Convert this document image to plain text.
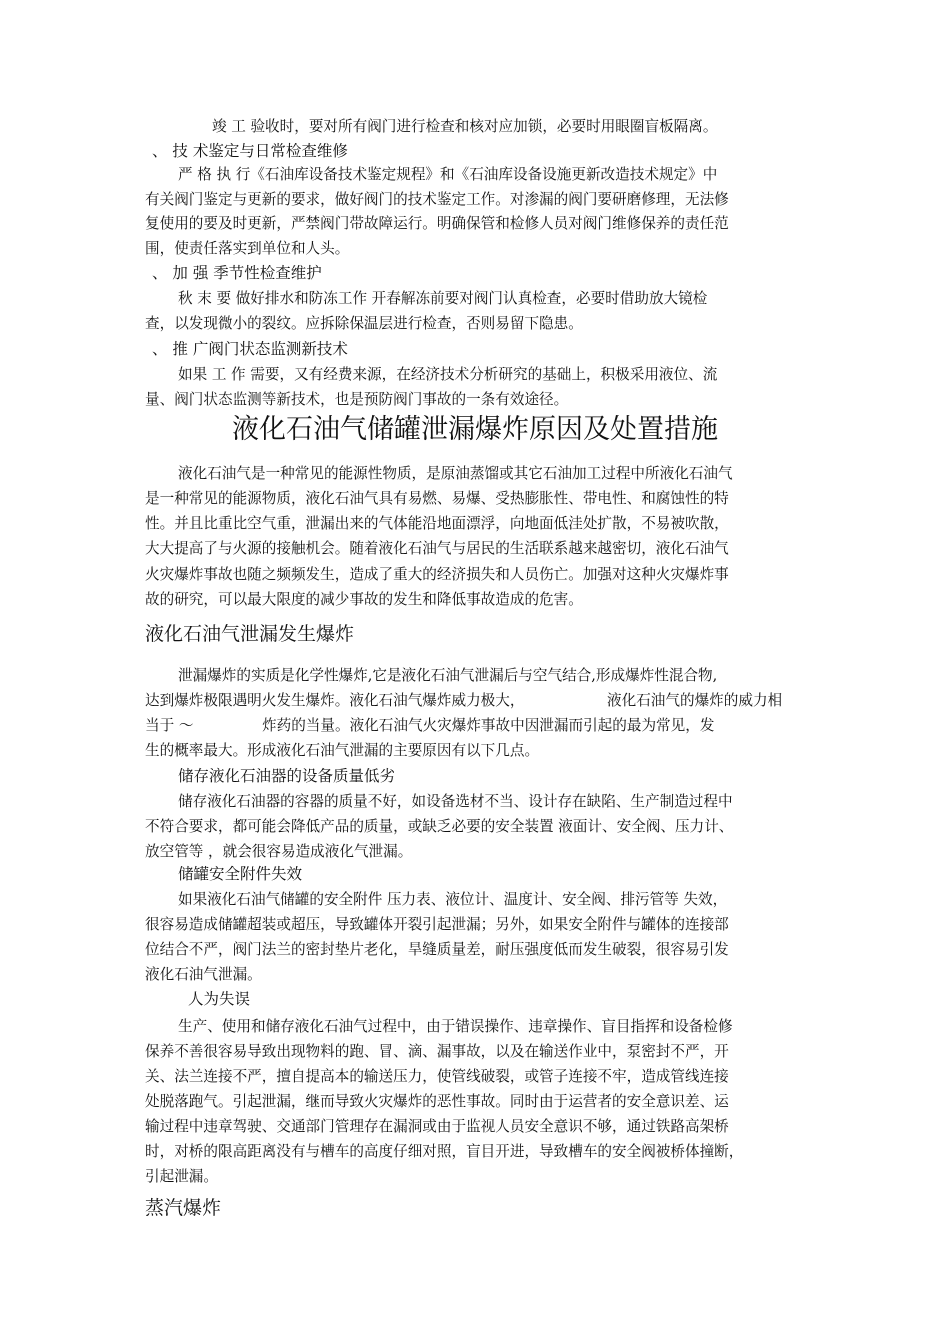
竣 工 验收时，要对所有阀门进行检查和核对应加锁，必要时用眼圈盲板隔离。
、 技 术鉴定与日常检查维修
严 格 执 行《石油库设备技术鉴定规程》和《石油库设备设施更新改造技术规定》中
有关阀门鉴定与更新的要求，做好阀门的技术鉴定工作。对渗漏的阀门要研磨修理，无法修
复使用的要及时更新，严禁阀门带故障运行。明确保管和检修人员对阀门维修保养的责任范
围，使责任落实到单位和人头。
、 加 强 季节性检查维护
秋 末 要 做好排水和防冻工作 开春解冻前要对阀门认真检查，必要时借助放大镜检
查，以发现微小的裂纹。应拆除保温层进行检查，否则易留下隐患。
、 推 广阀门状态监测新技术
如果 工 作 需要，又有经费来源，在经济技术分析研究的基础上，积极采用液位、流
量、阀门状态监测等新技术，也是预防阀门事故的一条有效途径。
液化石油气储罐泄漏爆炸原因及处置措施
液化石油气是一种常见的能源性物质，是原油蒸馏或其它石油加工过程中所液化石油气
是一种常见的能源物质，液化石油气具有易燃、易爆、受热膨胀性、带电性、和腐蚀性的特
性。并且比重比空气重，泄漏出来的气体能沿地面漂浮，向地面低洼处扩散，不易被吹散，
大大提高了与火源的接触机会。随着液化石油气与居民的生活联系越来越密切，液化石油气
火灾爆炸事故也随之频频发生，造成了重大的经济损失和人员伤亡。加强对这种火灾爆炸事
故的研究，可以最大限度的减少事故的发生和降低事故造成的危害。
液化石油气泄漏发生爆炸
泄漏爆炸的实质是化学性爆炸,它是液化石油气泄漏后与空气结合,形成爆炸性混合物,
达到爆炸极限遇明火发生爆炸。液化石油气爆炸威力极大，	液化石油气的爆炸的威力相
当于 ～	炸药的当量。液化石油气火灾爆炸事故中因泄漏而引起的最为常见，发
生的概率最大。形成液化石油气泄漏的主要原因有以下几点。
储存液化石油器的设备质量低劣
储存液化石油器的容器的质量不好，如设备选材不当、设计存在缺陷、生产制造过程中
不符合要求，都可能会降低产品的质量，或缺乏必要的安全装置 液面计、安全阀、压力计、
放空管等 ，就会很容易造成液化气泄漏。
储罐安全附件失效
如果液化石油气储罐的安全附件 压力表、液位计、温度计、安全阀、排污管等 失效，
很容易造成储罐超装或超压，导致罐体开裂引起泄漏；另外，如果安全附件与罐体的连接部
位结合不严，阀门法兰的密封垫片老化，旱缝质量差，耐压强度低而发生破裂，很容易引发
液化石油气泄漏。
人为失误
生产、使用和储存液化石油气过程中，由于错误操作、违章操作、盲目指挥和设备检修
保养不善很容易导致出现物料的跑、冒、滴、漏事故，以及在输送作业中，泵密封不严，开
关、法兰连接不严，擅自提高本的输送压力，使管线破裂，或管子连接不牢，造成管线连接
处脱落跑气。引起泄漏，继而导致火灾爆炸的恶性事故。同时由于运营者的安全意识差、运
输过程中违章驾驶、交通部门管理存在漏洞或由于监视人员安全意识不够，通过铁路高架桥
时，对桥的限高距离没有与槽车的高度仔细对照，盲目开进，导致槽车的安全阀被桥体撞断，
引起泄漏。
蒸汽爆炸
